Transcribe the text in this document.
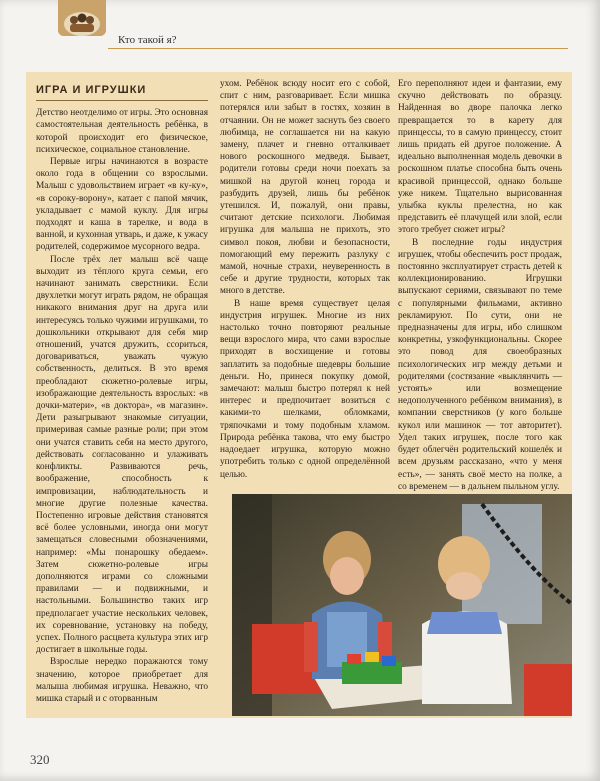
Кто такой я?
ИГРА И ИГРУШКИ

Детство неотделимо от игры. Это основная самостоятельная деятельность ребёнка, в которой происходит его физическое, психическое, социальное становление.

Первые игры начинаются в возрасте около года в общении со взрослыми. Малыш с удовольствием играет «в ку-ку», «в сороку-ворону», катает с папой мячик, укладывает с мамой куклу. Для игры подходят и каша в тарелке, и вода в ванной, и кухонная утварь, и даже, к ужасу родителей, содержимое мусорного ведра.

После трёх лет малыш всё чаще выходит из тёплого круга семьи, его начинают занимать сверстники. Если двухлетки могут играть рядом, не обращая никакого внимания друг на друга или интересуясь только чужими игрушками, то дошкольники открывают для себя мир отношений, учатся дружить, ссориться, договариваться, уважать чужую собственность, делиться. В это время преобладают сюжетно-ролевые игры, изображающие деятельность взрослых: «в дочки-матери», «в доктора», «в магазин». Дети разыгрывают знакомые ситуации, примеривая самые разные роли; при этом они учатся ставить себя на место другого, действовать согласованно и улаживать конфликты. Развиваются речь, воображение, способность к импровизации, наблюдательность и многие другие полезные качества. Постепенно игровые действия становятся всё более условными, иногда они могут замещаться словесными обозначениями, например: «Мы понарошку обедаем». Затем сюжетно-ролевые игры дополняются играми со сложными правилами — и подвижными, и настольными. Большинство таких игр предполагает участие нескольких человек, их соревнование, установку на победу, успех. Полного расцвета культура этих игр достигает в школьные годы.

Взрослые нередко поражаются тому значению, которое приобретает для малыша любимая игрушка. Неважно, что мишка старый и с оторванным

ухом. Ребёнок всюду носит его с собой, спит с ним, разговаривает. Если мишка потерялся или забыт в гостях, хозяин в отчаянии. Он не может заснуть без своего любимца, не соглашается ни на какую замену, плачет и гневно отталкивает нового роскошного медведя. Бывает, родители готовы среди ночи поехать за мишкой на другой конец города и разбудить друзей, лишь бы ребёнок утешился. И, пожалуй, они правы, считают детские психологи. Любимая игрушка для малыша не прихоть, это символ покоя, любви и безопасности, помогающий ему пережить разлуку с мамой, ночные страхи, неуверенность в себе и другие трудности, которых так много в детстве.

В наше время существует целая индустрия игрушек. Многие из них настолько точно повторяют реальные вещи взрослого мира, что сами взрослые приходят в восхищение и готовы заплатить за подобные шедевры большие деньги. Но, принеся покупку домой, замечают: малыш быстро потерял к ней интерес и предпочитает возиться с какими-то шелками, обломками, тряпочками и тому подобным хламом. Природа ребёнка такова, что ему быстро надоедает игрушка, которую можно употребить только с одной определённой целью.

Его переполняют идеи и фантазии, ему скучно действовать по образцу. Найденная во дворе палочка легко превращается то в карету для принцессы, то в самую принцессу, стоит лишь придать ей другое положение. А идеально выполненная модель девочки в роскошном платье способна быть очень красивой принцессой, однако больше уже никем. Тщательно вырисованная улыбка куклы прелестна, но как представить её плачущей или злой, если этого требует сюжет игры?

В последние годы индустрия игрушек, чтобы обеспечить рост продаж, постоянно эксплуатирует страсть детей к коллекционированию. Игрушки выпускают сериями, связывают по теме с популярными фильмами, активно рекламируют. По сути, они не предназначены для игры, ибо слишком конкретны, узкофункциональны. Скорее это повод для своеобразных психологических игр между детьми и родителями (состязание «выклянчить — устоять» или возмещение недополученного ребёнком внимания), в компании сверстников (у кого больше кукол или машинок — тот авторитет). Удел таких игрушек, после того как будет облегчён родительский кошелёк и всем друзьям рассказано, «что у меня есть», — занять своё место на полке, а со временем — в дальнем пыльном углу.

320
